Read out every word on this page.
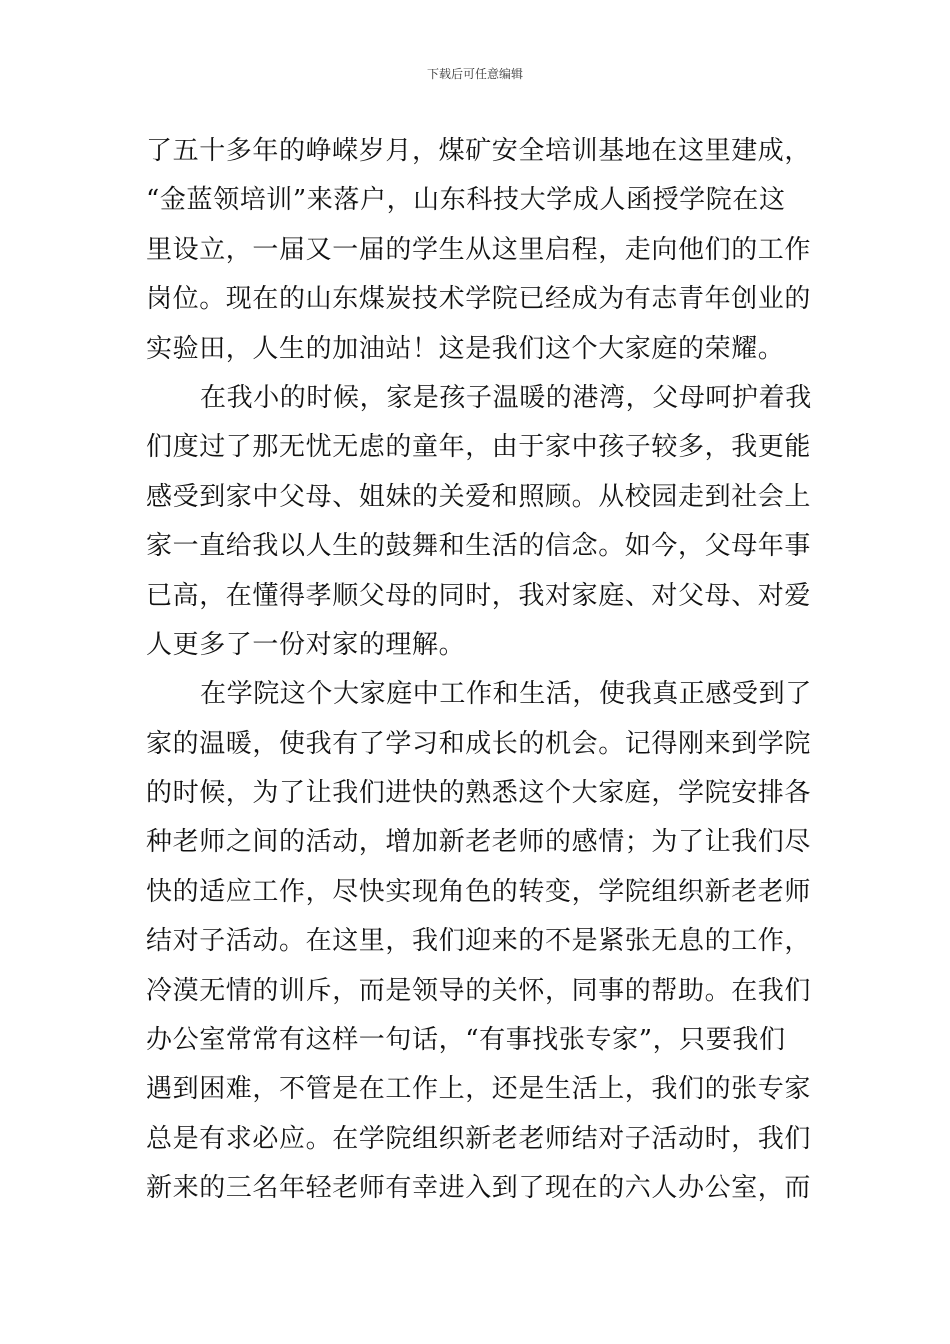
下载后可任意编辑
了五十多年的峥嵘岁月，煤矿安全培训基地在这里建成，
“金蓝领培训”来落户，山东科技大学成人函授学院在这
里设立，一届又一届的学生从这里启程，走向他们的工作
岗位。现在的山东煤炭技术学院已经成为有志青年创业的
实验田，人生的加油站！这是我们这个大家庭的荣耀。
在我小的时候，家是孩子温暖的港湾，父母呵护着我
们度过了那无忧无虑的童年，由于家中孩子较多，我更能
感受到家中父母、姐妹的关爱和照顾。从校园走到社会上
家一直给我以人生的鼓舞和生活的信念。如今，父母年事
已高，在懂得孝顺父母的同时，我对家庭、对父母、对爱
人更多了一份对家的理解。
在学院这个大家庭中工作和生活，使我真正感受到了
家的温暖，使我有了学习和成长的机会。记得刚来到学院
的时候，为了让我们进快的熟悉这个大家庭，学院安排各
种老师之间的活动，增加新老老师的感情；为了让我们尽
快的适应工作，尽快实现角色的转变，学院组织新老老师
结对子活动。在这里，我们迎来的不是紧张无息的工作，
冷漠无情的训斥，而是领导的关怀，同事的帮助。在我们
办公室常常有这样一句话，“有事找张专家”，只要我们
遇到困难，不管是在工作上，还是生活上，我们的张专家
总是有求必应。在学院组织新老老师结对子活动时，我们
新来的三名年轻老师有幸进入到了现在的六人办公室，而
